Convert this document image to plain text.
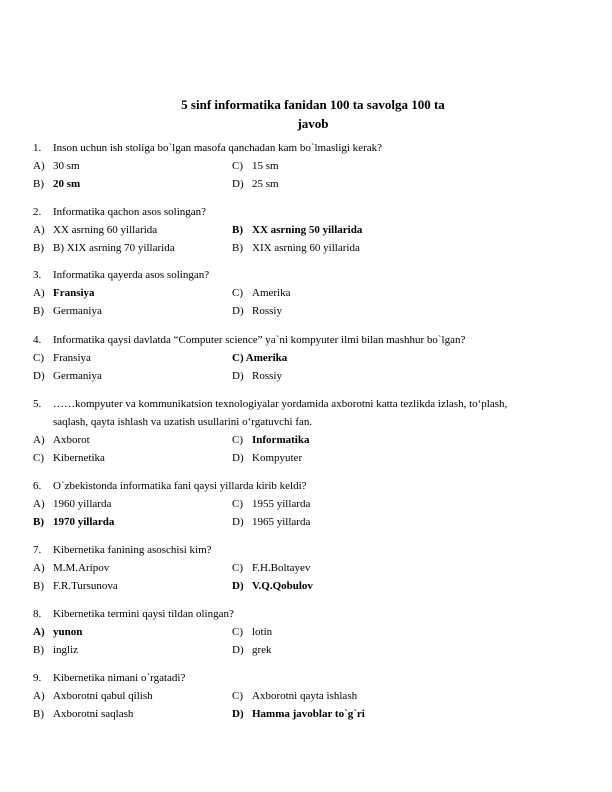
5 sinf informatika fanidan 100 ta savolga 100 ta
javob
1.	Inson uchun ish stoliga bo`lgan masofa qanchadan kam bo`lmasligi kerak?
A) 30 sm	C) 15 sm
B) 20 sm	D) 25 sm
2.	Informatika qachon asos solingan?
A) XX asrning 60 yillarida	B) XX asrning 50 yillarida
B) B) XIX asrning 70 yillarida	B) XIX asrning 60 yillarida
3.	Informatika qayerda asos solingan?
A) Fransiya	C) Amerika
B) Germaniya	D) Rossiy
4.	Informatika qaysi davlatda “Computer science” ya`ni kompyuter ilmi bilan mashhur bo`lgan?
C) Fransiya	C) Amerika
D) Germaniya	D) Rossiy
5.	……kompyuter va kommunikatsion texnologiyalar yordamida axborotni katta tezlikda izlash, to‘plash,
saqlash, qayta ishlash va uzatish usullarini o‘rgatuvchi fan.
A) Axborot	C) Informatika
C) Kibernetika	D) Kompyuter
6.	O`zbekistonda informatika fani qaysi yillarda kirib keldi?
A) 1960 yillarda	C) 1955 yillarda
B) 1970 yillarda	D) 1965 yillarda
7.	Kibernetika fanining asoschisi kim?
A) M.M.Aripov	C) F.H.Boltayev
B) F.R.Tursunova	D) V.Q.Qobulov
8.	Kibernetika termini qaysi tildan olingan?
A) yunon	C) lotin
B) ingliz	D) grek
9.	Kibernetika nimani o`rgatadi?
A) Axborotni qabul qilish	C) Axborotni qayta ishlash
B) Axborotni saqlash	D) Hamma javoblar to`g`ri
